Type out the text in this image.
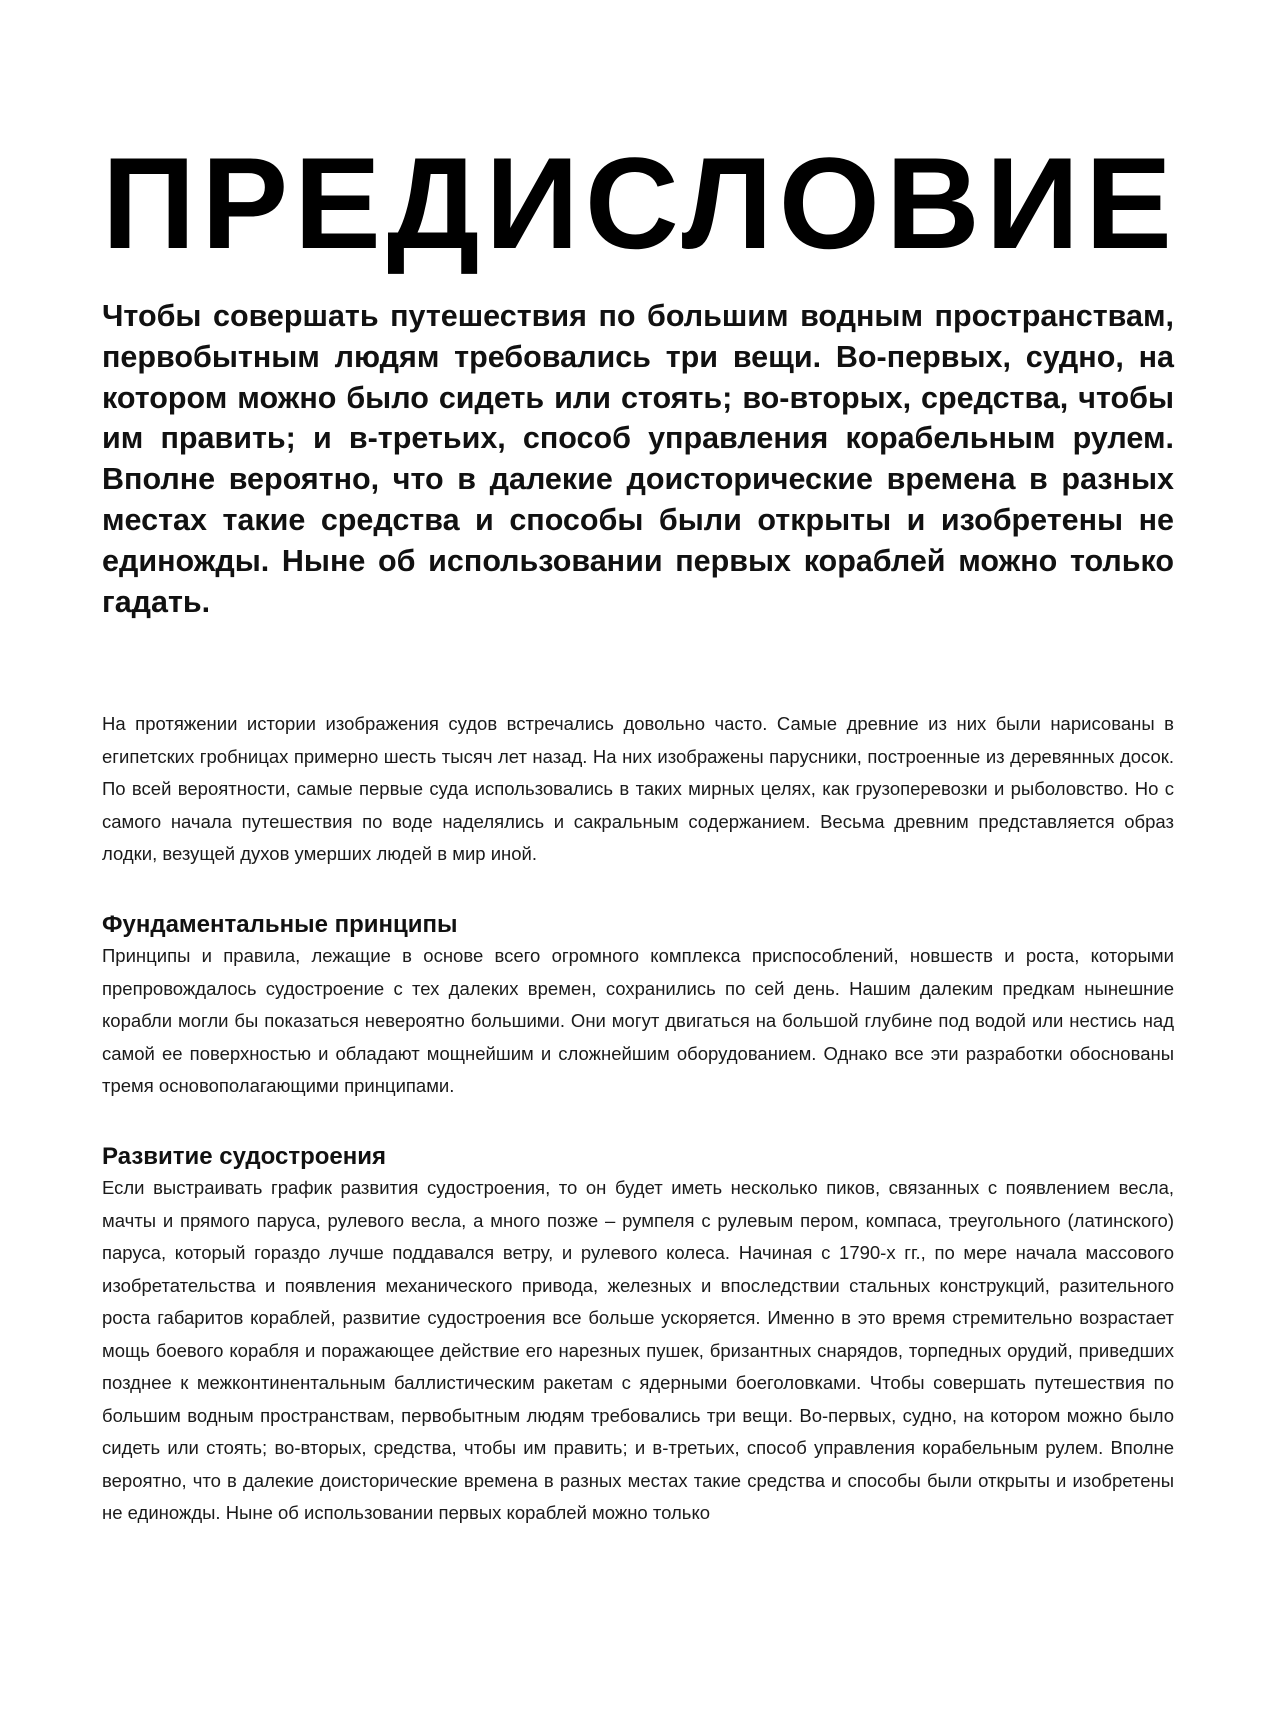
ПРЕДИСЛОВИЕ

Чтобы совершать путешествия по большим водным пространствам, первобытным людям требовались три вещи. Во-первых, судно, на котором можно было сидеть или стоять; во-вторых, средства, чтобы им править; и в-третьих, способ управления корабельным рулем. Вполне вероятно, что в далекие доисторические времена в разных местах такие средства и способы были открыты и изобретены не единожды. Ныне об использовании первых кораблей можно только гадать.

На протяжении истории изображения судов встречались довольно часто. Самые древние из них были нарисованы в египетских гробницах примерно шесть тысяч лет назад. На них изображены парусники, построенные из деревянных досок. По всей вероятности, самые первые суда использовались в таких мирных целях, как грузоперевозки и рыболовство. Но с самого начала путешествия по воде наделялись и сакральным содержанием. Весьма древним представляется образ лодки, везущей духов умерших людей в мир иной.

Фундаментальные принципы

Принципы и правила, лежащие в основе всего огромного комплекса приспособлений, новшеств и роста, которыми препровождалось судостроение с тех далеких времен, сохранились по сей день. Нашим далеким предкам нынешние корабли могли бы показаться невероятно большими. Они могут двигаться на большой глубине под водой или нестись над самой ее поверхностью и обладают мощнейшим и сложнейшим оборудованием. Однако все эти разработки обоснованы тремя основополагающими принципами.

Развитие судостроения

Если выстраивать график развития судостроения, то он будет иметь несколько пиков, связанных с появлением весла, мачты и прямого паруса, рулевого весла, а много позже – румпеля с рулевым пером, компаса, треугольного (латинского) паруса, который гораздо лучше поддавался ветру, и рулевого колеса. Начиная с 1790-х гг., по мере начала массового изобретательства и появления механического привода, железных и впоследствии стальных конструкций, разительного роста габаритов кораблей, развитие судостроения все больше ускоряется. Именно в это время стремительно возрастает мощь боевого корабля и поражающее действие его нарезных пушек, бризантных снарядов, торпедных орудий, приведших позднее к межконтинентальным баллистическим ракетам с ядерными боеголовками. Чтобы совершать путешествия по большим водным пространствам, первобытным людям требовались три вещи. Во-первых, судно, на котором можно было сидеть или стоять; во-вторых, средства, чтобы им править; и в-третьих, способ управления корабельным рулем. Вполне вероятно, что в далекие доисторические времена в разных местах такие средства и способы были открыты и изобретены не единожды. Ныне об использовании первых кораблей можно только
